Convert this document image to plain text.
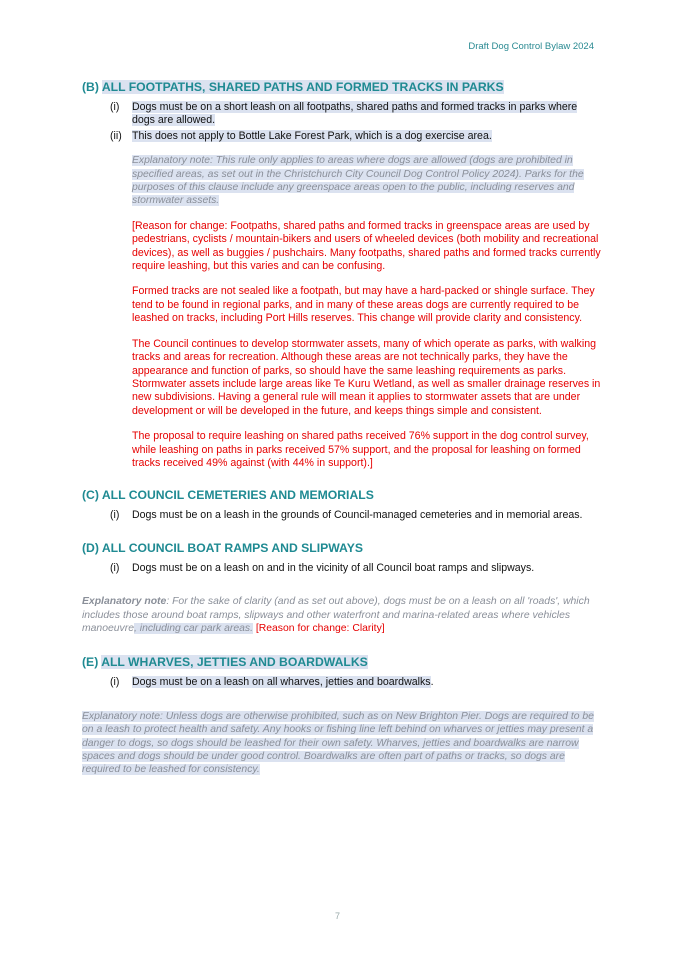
Draft Dog Control Bylaw 2024
(B) ALL FOOTPATHS, SHARED PATHS AND FORMED TRACKS IN PARKS
(i) Dogs must be on a short leash on all footpaths, shared paths and formed tracks in parks where dogs are allowed.
(ii) This does not apply to Bottle Lake Forest Park, which is a dog exercise area.

Explanatory note: This rule only applies to areas where dogs are allowed (dogs are prohibited in specified areas, as set out in the Christchurch City Council Dog Control Policy 2024). Parks for the purposes of this clause include any greenspace areas open to the public, including reserves and stormwater assets.

[Reason for change: Footpaths, shared paths and formed tracks in greenspace areas are used by pedestrians, cyclists / mountain-bikers and users of wheeled devices (both mobility and recreational devices), as well as buggies / pushchairs. Many footpaths, shared paths and formed tracks currently require leashing, but this varies and can be confusing.

Formed tracks are not sealed like a footpath, but may have a hard-packed or shingle surface. They tend to be found in regional parks, and in many of these areas dogs are currently required to be leashed on tracks, including Port Hills reserves. This change will provide clarity and consistency.

The Council continues to develop stormwater assets, many of which operate as parks, with walking tracks and areas for recreation. Although these areas are not technically parks, they have the appearance and function of parks, so should have the same leashing requirements as parks. Stormwater assets include large areas like Te Kuru Wetland, as well as smaller drainage reserves in new subdivisions. Having a general rule will mean it applies to stormwater assets that are under development or will be developed in the future, and keeps things simple and consistent.

The proposal to require leashing on shared paths received 76% support in the dog control survey, while leashing on paths in parks received 57% support, and the proposal for leashing on formed tracks received 49% against (with 44% in support).]

(C) ALL COUNCIL CEMETERIES AND MEMORIALS
(i) Dogs must be on a leash in the grounds of Council-managed cemeteries and in memorial areas.
(D) ALL COUNCIL BOAT RAMPS AND SLIPWAYS
(i) Dogs must be on a leash on and in the vicinity of all Council boat ramps and slipways.

Explanatory note: For the sake of clarity (and as set out above), dogs must be on a leash on all 'roads', which includes those around boat ramps, slipways and other waterfront and marina-related areas where vehicles manoeuvre, including car park areas. [Reason for change: Clarity]

(E) ALL WHARVES, JETTIES AND BOARDWALKS
(i) Dogs must be on a leash on all wharves, jetties and boardwalks.

Explanatory note: Unless dogs are otherwise prohibited, such as on New Brighton Pier. Dogs are required to be on a leash to protect health and safety. Any hooks or fishing line left behind on wharves or jetties may present a danger to dogs, so dogs should be leashed for their own safety. Wharves, jetties and boardwalks are narrow spaces and dogs should be under good control. Boardwalks are often part of paths or tracks, so dogs are required to be leashed for consistency.

7
